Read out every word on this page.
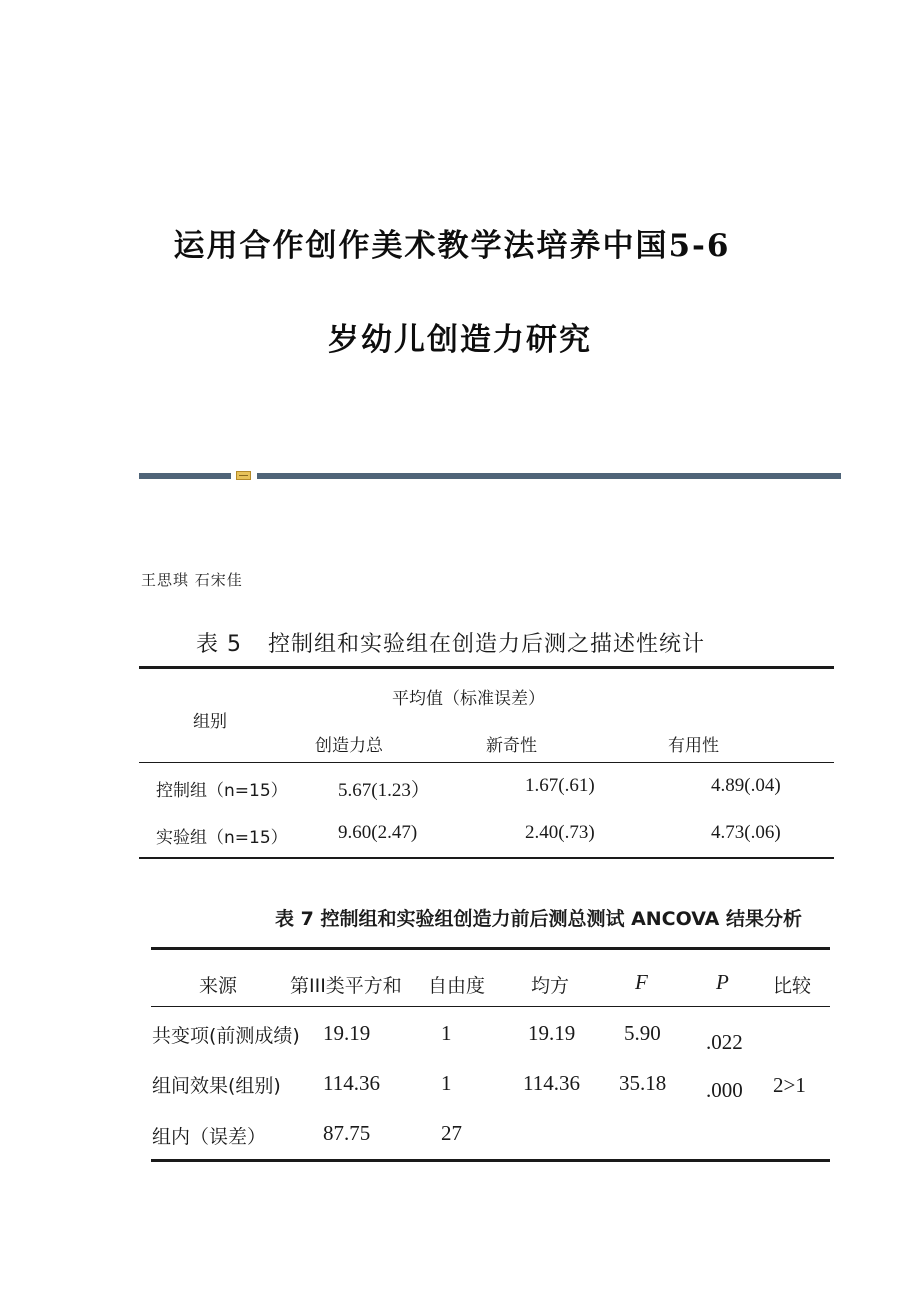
运用合作创作美术教学法培养中国5-6
岁幼儿创造力研究
王思琪 石宋佳
表 5 控制组和实验组在创造力后测之描述性统计
组别
平均值（标准误差）
创造力总	新奇性	有用性
控制组（n=15）	5.67(1.23）	1.67(.61)	4.89(.04)
实验组（n=15）	9.60(2.47)	2.40(.73)	4.73(.06)
表 7 控制组和实验组创造力前后测总测试 ANCOVA 结果分析
来源	第III类平方和 自由度 均方	F	P 比较
共变项(前测成绩) 19.19	1	19.19 5.90 .022
组间效果(组别) 114.36	1	114.36 35.18 .000 2>1
组内（误差）	87.75	27
